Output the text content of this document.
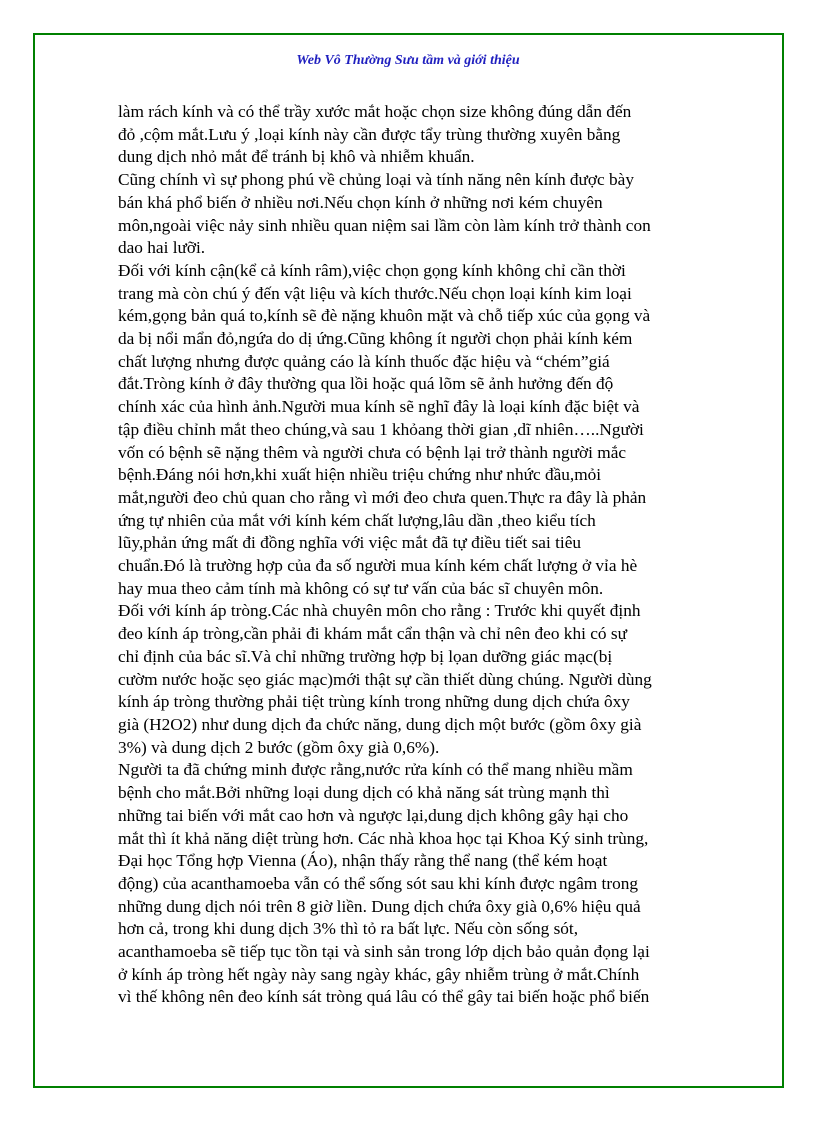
Web Vô Thường Sưu tầm và giới thiệu
làm rách kính và có thể trầy xước mắt hoặc chọn size không đúng dẫn đến
đỏ ,cộm mắt.Lưu ý ,loại kính này cần được tẩy trùng thường xuyên bằng
dung dịch nhỏ mắt để tránh bị khô và nhiễm khuẩn.
Cũng chính vì sự phong phú về chủng loại và tính năng nên kính được bày
bán khá phổ biến ở nhiều nơi.Nếu chọn kính ở những nơi kém chuyên
môn,ngoài việc nảy sinh nhiều quan niệm sai lầm còn làm kính trở thành con
dao hai lưỡi.
Đối với kính cận(kể cả kính râm),việc chọn gọng kính không chỉ cần thời
trang mà còn chú ý đến vật liệu và kích thước.Nếu chọn loại kính kim loại
kém,gọng bản quá to,kính sẽ đè nặng khuôn mặt và chỗ tiếp xúc của gọng và
da bị nổi mẩn đỏ,ngứa do dị ứng.Cũng không ít người chọn phải kính kém
chất lượng nhưng được quảng cáo là kính thuốc đặc hiệu và “chém”giá
đắt.Tròng kính ở đây thường qua lồi hoặc quá lõm sẽ ảnh hưởng đến độ
chính xác của hình ảnh.Người mua kính sẽ nghĩ đây là loại kính đặc biệt và
tập điều chỉnh mắt theo chúng,và sau 1 khỏang thời gian ,dĩ nhiên…..Người
vốn có bệnh sẽ nặng thêm và người chưa có bệnh lại trở thành người mắc
bệnh.Đáng nói hơn,khi xuất hiện nhiều triệu chứng như nhức đầu,mỏi
mắt,người đeo chủ quan cho rằng vì mới đeo chưa quen.Thực ra đây là phản
ứng tự nhiên của mắt với kính kém chất lượng,lâu dần ,theo kiểu tích
lũy,phản ứng mất đi đồng nghĩa với việc mắt đã tự điều tiết sai tiêu
chuẩn.Đó là trường hợp của đa số người mua kính kém chất lượng ở vỉa hè
hay mua theo cảm tính mà không có sự tư vấn của bác sĩ chuyên môn.
Đối với kính áp tròng.Các nhà chuyên môn cho rằng : Trước khi quyết định
đeo kính áp tròng,cần phải đi khám mắt cẩn thận và chỉ nên đeo khi có sự
chỉ định của bác sĩ.Và chỉ những trường hợp bị lọan dưỡng giác mạc(bị
cườm nước hoặc sẹo giác mạc)mới thật sự cần thiết dùng chúng. Người dùng
kính áp tròng thường phải tiệt trùng kính trong những dung dịch chứa ôxy
già (H2O2) như dung dịch đa chức năng, dung dịch một bước (gồm ôxy già
3%) và dung dịch 2 bước (gồm ôxy già 0,6%).
Người ta đã chứng minh được rằng,nước rửa kính có thể mang nhiều mầm
bệnh cho mắt.Bởi những loại dung dịch có khả năng sát trùng mạnh thì
những tai biến với mắt cao hơn và ngược lại,dung dịch không gây hại cho
mắt thì ít khả năng diệt trùng hơn. Các nhà khoa học tại Khoa Ký sinh trùng,
Đại học Tổng hợp Vienna (Áo), nhận thấy rằng thể nang (thể kém hoạt
động) của acanthamoeba vẫn có thể sống sót sau khi kính được ngâm trong
những dung dịch nói trên 8 giờ liền. Dung dịch chứa ôxy già 0,6% hiệu quả
hơn cả, trong khi dung dịch 3% thì tỏ ra bất lực. Nếu còn sống sót,
acanthamoeba sẽ tiếp tục tồn tại và sinh sản trong lớp dịch bảo quản đọng lại
ở kính áp tròng hết ngày này sang ngày khác, gây nhiễm trùng ở mắt.Chính
vì thế không nên đeo kính sát tròng quá lâu có thể gây tai biến hoặc phổ biến
